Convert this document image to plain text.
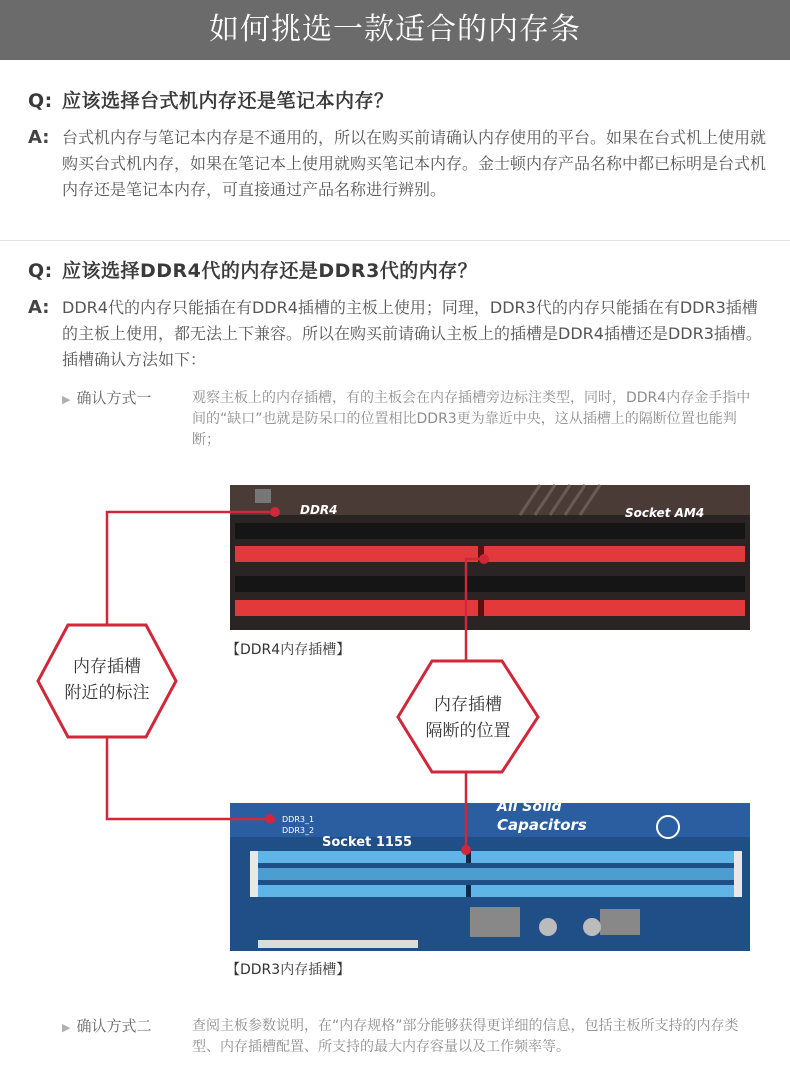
如何挑选一款适合的内存条
Q: 应该选择台式机内存还是笔记本内存？
A: 台式机内存与笔记本内存是不通用的，所以在购买前请确认内存使用的平台。如果在台式机上使用就购买台式机内存，如果在笔记本上使用就购买笔记本内存。金士顿内存产品名称中都已标明是台式机内存还是笔记本内存，可直接通过产品名称进行辨别。
Q: 应该选择DDR4代的内存还是DDR3代的内存？
A: DDR4代的内存只能插在有DDR4插槽的主板上使用；同理，DDR3代的内存只能插在有DDR3插槽的主板上使用，都无法上下兼容。所以在购买前请确认主板上的插槽是DDR4插槽还是DDR3插槽。插槽确认方法如下：
▶ 确认方式一	观察主板上的内存插槽，有的主板会在内存插槽旁边标注类型，同时，DDR4内存金手指中间的“缺口”也就是防呆口的位置相比DDR3更为靠近中央，这从插槽上的隔断位置也能判断；
DDR4	Socket AM4
All Solid
Capacitors
DDR3_1
DDR3_2
Socket 1155
内存插槽
附近的标注
内存插槽
隔断的位置
【DDR4内存插槽】
【DDR3内存插槽】
▶ 确认方式二	查阅主板参数说明，在“内存规格”部分能够获得更详细的信息，包括主板所支持的内存类型、内存插槽配置、所支持的最大内存容量以及工作频率等。
